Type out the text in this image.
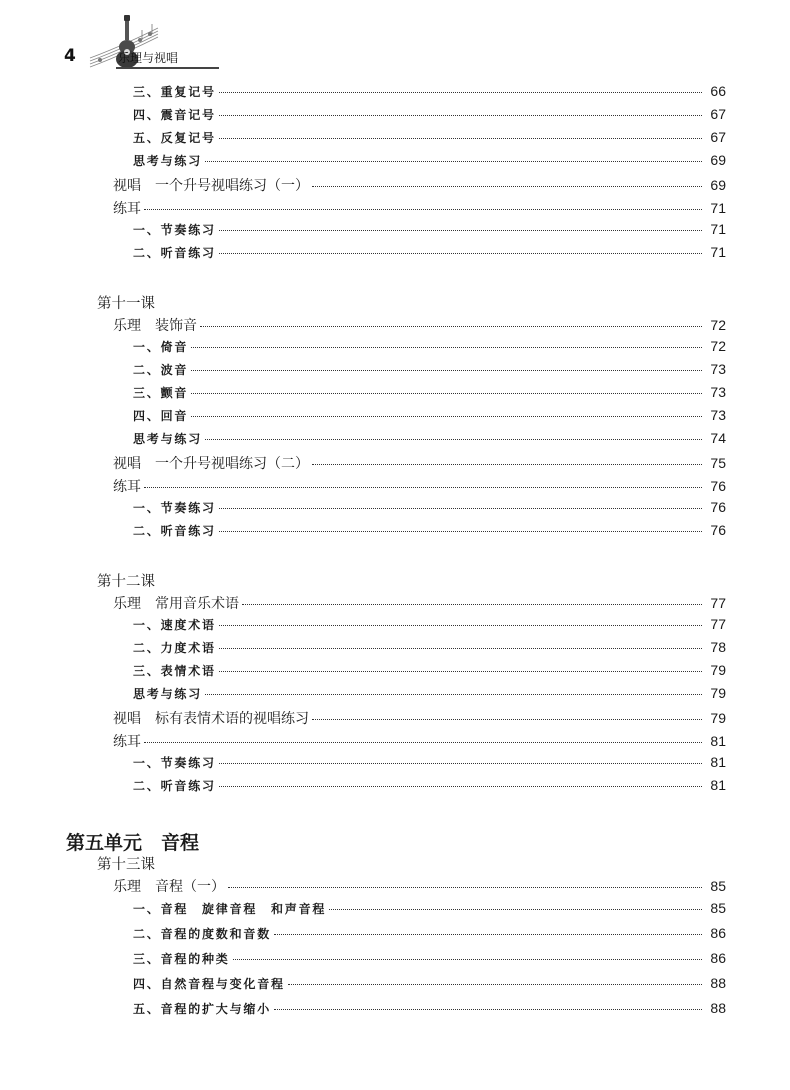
4	乐理与视唱
三、重复记号	66
四、震音记号	67
五、反复记号	67
思考与练习	69
视唱　一个升号视唱练习（一）	69
练耳	71
一、节奏练习	71
二、听音练习	71
第十一课
乐理　装饰音	72
一、倚音	72
二、波音	73
三、颤音	73
四、回音	73
思考与练习	74
视唱　一个升号视唱练习（二）	75
练耳	76
一、节奏练习	76
二、听音练习	76
第十二课
乐理　常用音乐术语	77
一、速度术语	77
二、力度术语	78
三、表情术语	79
思考与练习	79
视唱　标有表情术语的视唱练习	79
练耳	81
一、节奏练习	81
二、听音练习	81
第五单元　音程
第十三课
乐理　音程（一）	85
一、音程　旋律音程　和声音程	85
二、音程的度数和音数	86
三、音程的种类	86
四、自然音程与变化音程	88
五、音程的扩大与缩小	88
